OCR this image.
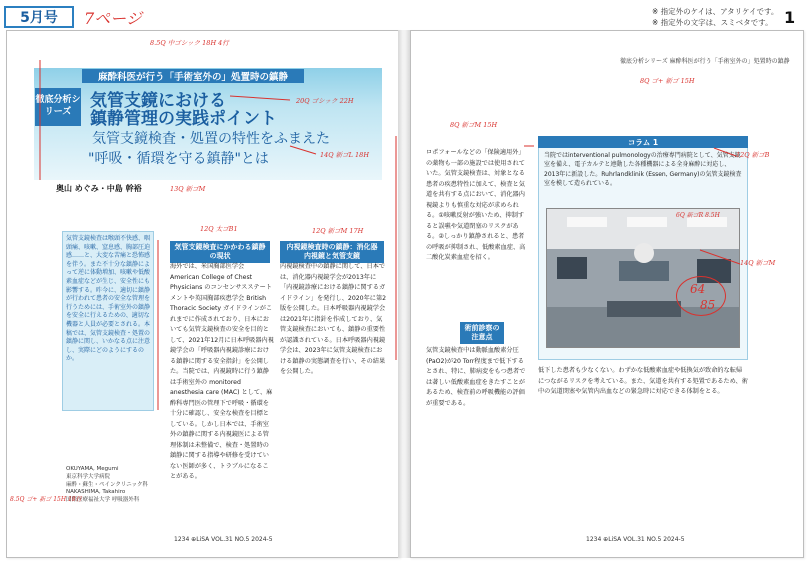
5月号	7ページ	※ 指定外のケイは、アタリケイです。
※ 指定外の文字は、スミベタです。 1
麻酔科医が行う「手術室外の」処置時の鎮静
徹底分析シリーズ
気管支鏡における
鎮静管理の実践ポイント
気管支鏡検査・処置の特性をふまえた
"呼吸・循環を守る鎮静"とは
奥山 めぐみ・中島 幹裕
気管支鏡検査は喉頭不快感、咽頭痛、咳嗽、窒息感、胸部圧迫感……と、大変な苦痛と恐怖感を伴う。また不十分な鎮静によって逆に体動増加、咳嗽や低酸素血症などが生じ、安全性にも影響する。昨今に、適切に鎮静が行われて患者の安全な管理を行うためには、手術室外の鎮静を安全に行えるための、適切な機器と人員が必要とされる。本稿では、気管支鏡検査・処置の鎮静に関し、いかなる点に注意し、実際にどのようにするのか。
気管支鏡検査にかかわる鎮静の現状
海外では、米国胸部医学会 American College of Chest Physicians のコンセンサスステートメントや英国胸部疾患学会 British Thoracic Society ガイドラインがこれまでに作成されており、日本においても気管支鏡検査の安全を目的として、2021年12月に日本呼吸器内視鏡学会の「呼吸器内視鏡診療における鎮静に関する安全指針」を公開した。当院では、内視鏡時に行う鎮静は手術室外の monitored anesthesia care (MAC) として、麻酔科専門医の管理下で呼吸・循環を十分に確認し、安全な検査を目標としている。しかし日本では、手術室外の鎮静に関する内視鏡医による管理体制は未整備で、検査・処置時の鎮静に関する指導や研修を受けていない医師が多く、トラブルになることがある。
内視鏡検査時の鎮静：消化器内視鏡と気管支鏡
内視鏡検査中の鎮静に関して、日本では、消化器内視鏡学会が2013年に「内視鏡診療における鎮静に関するガイドライン」を発行し、2020年に第2版を公開した。日本呼吸器内視鏡学会は2021年に指針を作成しており、気管支鏡検査においても、鎮静の重要性が認識されている。日本呼吸器内視鏡学会は、2023年に気管支鏡検査における鎮静の実態調査を行い、その結果を公開した。
OKUYAMA, Megumi
東京科学大学病院
麻酔・蘇生・ペインクリニック科
NAKASHIMA, Takahiro
国際医療福祉大学 呼吸器外科
1234 ⊕LiSA VOL.31 NO.5 2024-5
徹底分析シリーズ 麻酔科医が行う「手術室外の」処置時の鎮静
ロポフォールなどの「保険適用外」の薬物も一部の施設では使用されていた。気管支鏡検査は、対象となる患者の疾患特性に加えて、検査と気道を共有する点において、消化器内視鏡よりも慎重な対応が求められる。①咳嗽反射が強いため、抑制すると誤嚥や気道閉塞のリスクがある。②しっかり鎮静されると、患者の呼吸が抑制され、低酸素血症、高二酸化炭素血症を招く。
術前診察の注意点
気管支鏡検査中は動脈血酸素分圧(PaO2)が20 Torr程度まで低下するとされ、特に、肺病変をもつ患者では著しい低酸素血症をきたすことがあるため、検査前の呼吸機能の評価が重要である。
コラム 1
当院ではinterventional pulmonologyの治療専門病院として、気管支鏡室を備え、電子カルテと連動した各種機器による全身麻酔に対応し、2013年に新設した。Ruhrlandklinik (Essen, Germany)の気管支鏡検査室を模して造られている。
低下した患者も少なくない。わずかな低酸素血症や低換気が致命的な転帰につながるリスクを考えている。また、気道を共有する処置であるため、術中の気道閉塞や気管内出血などの緊急時に対応できる体制をとる。
1234 ⊕LiSA VOL.31 NO.5 2024-5
8.5Q 中ゴシック 18H 4行
20Q ゴシック 22H
14Q 新ゴL 18H
13Q 新ゴM
12Q 太ゴB1	12Q 新ゴM 17H
8.5Q ゴ+ 新ゴ 15H 18行
8Q 新ゴM 15H
8Q ゴ+ 新ゴ 15H
12Q 新ゴB
14Q 新ゴM
6Q 新ゴR 8.5H
64
85
